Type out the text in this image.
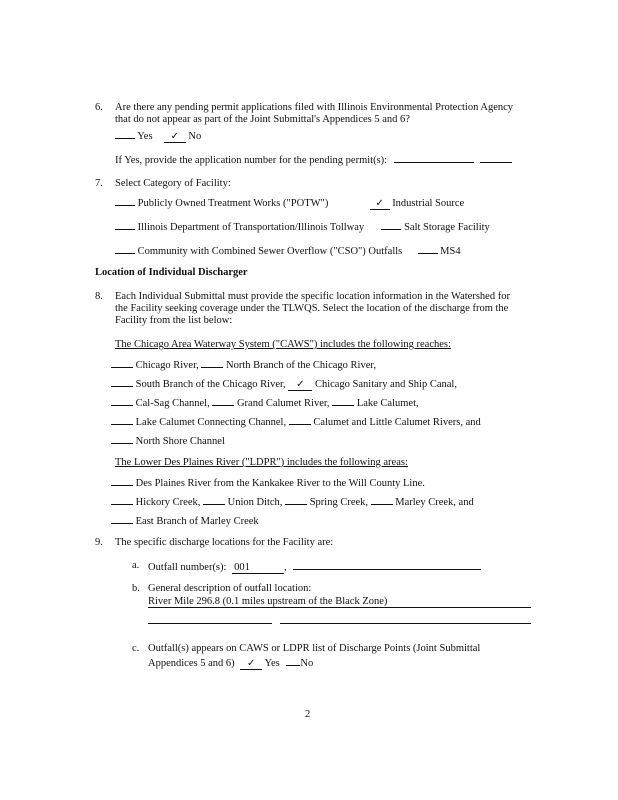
6. Are there any pending permit applications filed with Illinois Environmental Protection Agency
that do not appear as part of the Joint Submittal's Appendices 5 and 6?
Yes ✓ No
If Yes, provide the application number for the pending permit(s):
7. Select Category of Facility:
Publicly Owned Treatment Works ("POTW")	✓ Industrial Source
Illinois Department of Transportation/Illinois Tollway	Salt Storage Facility
Community with Combined Sewer Overflow ("CSO") Outfalls	MS4
Location of Individual Discharger
8. Each Individual Submittal must provide the specific location information in the Watershed for
the Facility seeking coverage under the TLWQS. Select the location of the discharge from the
Facility from the list below:
The Chicago Area Waterway System ("CAWS") includes the following reaches:
Chicago River,	North Branch of the Chicago River,
South Branch of the Chicago River, ✓ Chicago Sanitary and Ship Canal,
Cal-Sag Channel,	Grand Calumet River,	Lake Calumet,
Lake Calumet Connecting Channel,	Calumet and Little Calumet Rivers, and
North Shore Channel
The Lower Des Plaines River ("LDPR") includes the following areas:
Des Plaines River from the Kankakee River to the Will County Line.
Hickory Creek,	Union Ditch,	Spring Creek,	Marley Creek, and
East Branch of Marley Creek
9. The specific discharge locations for the Facility are:
a. Outfall number(s): 001	,
b. General description of outfall location:
River Mile 296.8 (0.1 miles upstream of the Black Zone)
c. Outfall(s) appears on CAWS or LDPR list of Discharge Points (Joint Submittal
Appendices 5 and 6) ✓ Yes No
2
